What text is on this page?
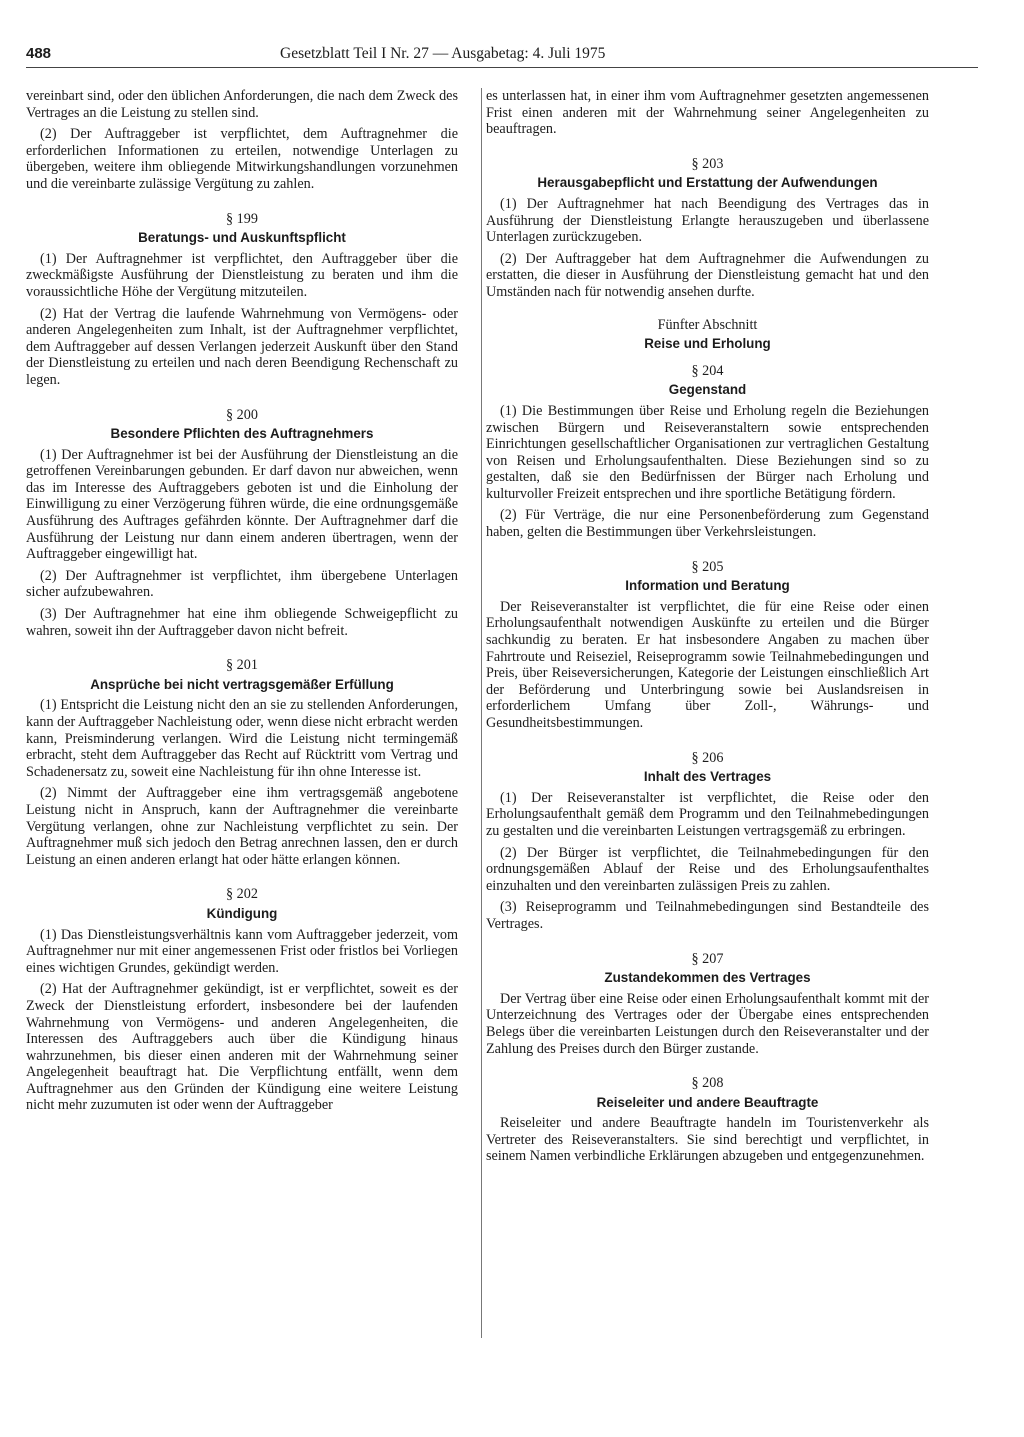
488	Gesetzblatt Teil I Nr. 27 — Ausgabetag: 4. Juli 1975

vereinbart sind, oder den üblichen Anforderungen, die nach dem Zweck des Vertrages an die Leistung zu stellen sind.

(2) Der Auftraggeber ist verpflichtet, dem Auftragnehmer die erforderlichen Informationen zu erteilen, notwendige Unterlagen zu übergeben, weitere ihm obliegende Mitwirkungshandlungen vorzunehmen und die vereinbarte zulässige Vergütung zu zahlen.

§ 199
Beratungs- und Auskunftspflicht

(1) Der Auftragnehmer ist verpflichtet, den Auftraggeber über die zweckmäßigste Ausführung der Dienstleistung zu beraten und ihm die voraussichtliche Höhe der Vergütung mitzuteilen.

(2) Hat der Vertrag die laufende Wahrnehmung von Vermögens- oder anderen Angelegenheiten zum Inhalt, ist der Auftragnehmer verpflichtet, dem Auftraggeber auf dessen Verlangen jederzeit Auskunft über den Stand der Dienstleistung zu erteilen und nach deren Beendigung Rechenschaft zu legen.

§ 200
Besondere Pflichten des Auftragnehmers

(1) Der Auftragnehmer ist bei der Ausführung der Dienstleistung an die getroffenen Vereinbarungen gebunden. Er darf davon nur abweichen, wenn das im Interesse des Auftraggebers geboten ist und die Einholung der Einwilligung zu einer Verzögerung führen würde, die eine ordnungsgemäße Ausführung des Auftrages gefährden könnte. Der Auftragnehmer darf die Ausführung der Leistung nur dann einem anderen übertragen, wenn der Auftraggeber eingewilligt hat.

(2) Der Auftragnehmer ist verpflichtet, ihm übergebene Unterlagen sicher aufzubewahren.

(3) Der Auftragnehmer hat eine ihm obliegende Schweigepflicht zu wahren, soweit ihn der Auftraggeber davon nicht befreit.

§ 201
Ansprüche bei nicht vertragsgemäßer Erfüllung

(1) Entspricht die Leistung nicht den an sie zu stellenden Anforderungen, kann der Auftraggeber Nachleistung oder, wenn diese nicht erbracht werden kann, Preisminderung verlangen. Wird die Leistung nicht termingemäß erbracht, steht dem Auftraggeber das Recht auf Rücktritt vom Vertrag und Schadenersatz zu, soweit eine Nachleistung für ihn ohne Interesse ist.

(2) Nimmt der Auftraggeber eine ihm vertragsgemäß angebotene Leistung nicht in Anspruch, kann der Auftragnehmer die vereinbarte Vergütung verlangen, ohne zur Nachleistung verpflichtet zu sein. Der Auftragnehmer muß sich jedoch den Betrag anrechnen lassen, den er durch Leistung an einen anderen erlangt hat oder hätte erlangen können.

§ 202
Kündigung

(1) Das Dienstleistungsverhältnis kann vom Auftraggeber jederzeit, vom Auftragnehmer nur mit einer angemessenen Frist oder fristlos bei Vorliegen eines wichtigen Grundes, gekündigt werden.

(2) Hat der Auftragnehmer gekündigt, ist er verpflichtet, soweit es der Zweck der Dienstleistung erfordert, insbesondere bei der laufenden Wahrnehmung von Vermögens- und anderen Angelegenheiten, die Interessen des Auftraggebers auch über die Kündigung hinaus wahrzunehmen, bis dieser einen anderen mit der Wahrnehmung seiner Angelegenheit beauftragt hat. Die Verpflichtung entfällt, wenn dem Auftragnehmer aus den Gründen der Kündigung eine weitere Leistung nicht mehr zuzumuten ist oder wenn der Auftraggeber

es unterlassen hat, in einer ihm vom Auftragnehmer gesetzten angemessenen Frist einen anderen mit der Wahrnehmung seiner Angelegenheiten zu beauftragen.

§ 203
Herausgabepflicht und Erstattung der Aufwendungen

(1) Der Auftragnehmer hat nach Beendigung des Vertrages das in Ausführung der Dienstleistung Erlangte herauszugeben und überlassene Unterlagen zurückzugeben.

(2) Der Auftraggeber hat dem Auftragnehmer die Aufwendungen zu erstatten, die dieser in Ausführung der Dienstleistung gemacht hat und den Umständen nach für notwendig ansehen durfte.

Fünfter Abschnitt
Reise und Erholung
§ 204
Gegenstand

(1) Die Bestimmungen über Reise und Erholung regeln die Beziehungen zwischen Bürgern und Reiseveranstaltern sowie entsprechenden Einrichtungen gesellschaftlicher Organisationen zur vertraglichen Gestaltung von Reisen und Erholungsaufenthalten. Diese Beziehungen sind so zu gestalten, daß sie den Bedürfnissen der Bürger nach Erholung und kulturvoller Freizeit entsprechen und ihre sportliche Betätigung fördern.

(2) Für Verträge, die nur eine Personenbeförderung zum Gegenstand haben, gelten die Bestimmungen über Verkehrsleistungen.

§ 205
Information und Beratung

Der Reiseveranstalter ist verpflichtet, die für eine Reise oder einen Erholungsaufenthalt notwendigen Auskünfte zu erteilen und die Bürger sachkundig zu beraten. Er hat insbesondere Angaben zu machen über Fahrtroute und Reiseziel, Reiseprogramm sowie Teilnahmebedingungen und Preis, über Reiseversicherungen, Kategorie der Leistungen einschließlich Art der Beförderung und Unterbringung sowie bei Auslandsreisen in erforderlichem Umfang über Zoll-, Währungs- und Gesundheitsbestimmungen.

§ 206
Inhalt des Vertrages

(1) Der Reiseveranstalter ist verpflichtet, die Reise oder den Erholungsaufenthalt gemäß dem Programm und den Teilnahmebedingungen zu gestalten und die vereinbarten Leistungen vertragsgemäß zu erbringen.

(2) Der Bürger ist verpflichtet, die Teilnahmebedingungen für den ordnungsgemäßen Ablauf der Reise und des Erholungsaufenthaltes einzuhalten und den vereinbarten zulässigen Preis zu zahlen.

(3) Reiseprogramm und Teilnahmebedingungen sind Bestandteile des Vertrages.

§ 207
Zustandekommen des Vertrages

Der Vertrag über eine Reise oder einen Erholungsaufenthalt kommt mit der Unterzeichnung des Vertrages oder der Übergabe eines entsprechenden Belegs über die vereinbarten Leistungen durch den Reiseveranstalter und der Zahlung des Preises durch den Bürger zustande.

§ 208
Reiseleiter und andere Beauftragte

Reiseleiter und andere Beauftragte handeln im Touristenverkehr als Vertreter des Reiseveranstalters. Sie sind berechtigt und verpflichtet, in seinem Namen verbindliche Erklärungen abzugeben und entgegenzunehmen.
